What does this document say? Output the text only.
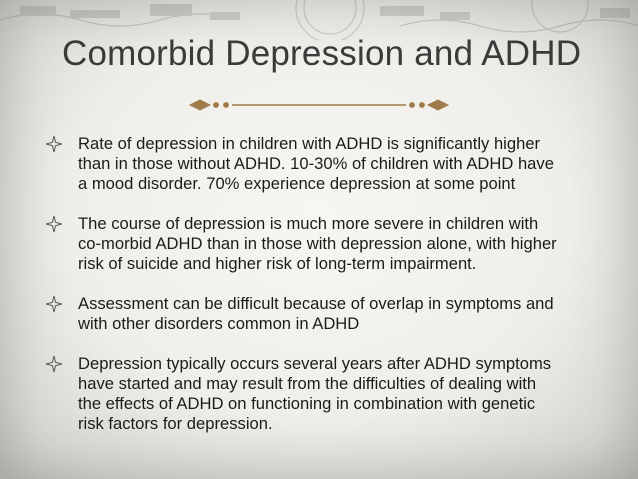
Comorbid Depression and ADHD
Rate of depression in children with ADHD is significantly higher
than in those without ADHD. 10-30% of children with ADHD have
a mood disorder. 70% experience depression at some point
The course of depression is much more severe in children with
co-morbid ADHD than in those with depression alone, with higher
risk of suicide and higher risk of long-term impairment.
Assessment can be difficult because of overlap in symptoms and
with other disorders common in ADHD
Depression typically occurs several years after ADHD symptoms
have started and may result from the difficulties of dealing with
the effects of ADHD on functioning in combination with genetic
risk factors for depression.
